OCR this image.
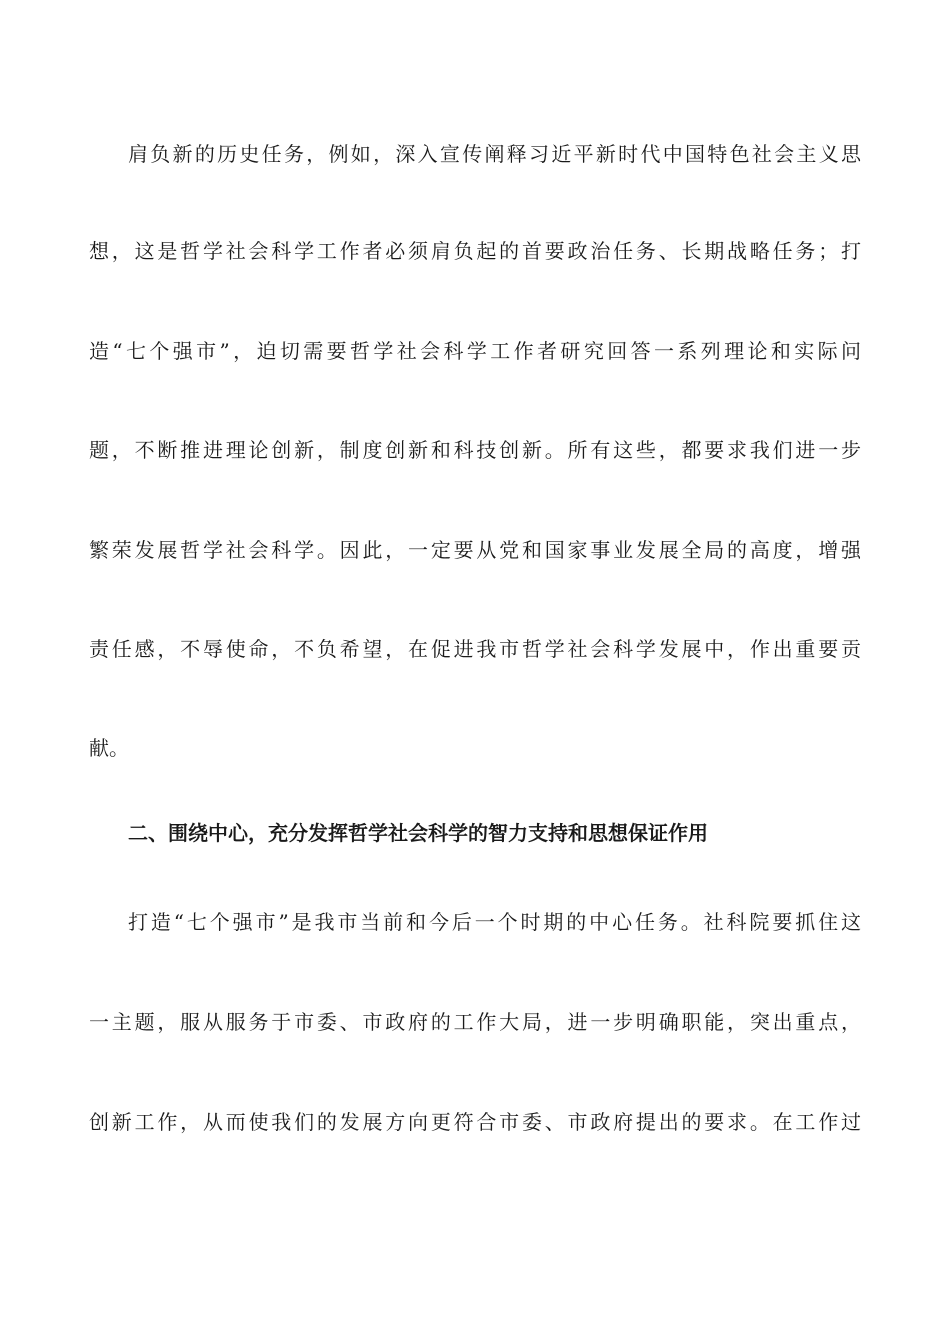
肩负新的历史任务，例如，深入宣传阐释习近平新时代中国特色社会主义思
想，这是哲学社会科学工作者必须肩负起的首要政治任务、长期战略任务；打
造“七个强市”，迫切需要哲学社会科学工作者研究回答一系列理论和实际问
题，不断推进理论创新，制度创新和科技创新。所有这些，都要求我们进一步
繁荣发展哲学社会科学。因此，一定要从党和国家事业发展全局的高度，增强
责任感，不辱使命，不负希望，在促进我市哲学社会科学发展中，作出重要贡
献。
二、围绕中心，充分发挥哲学社会科学的智力支持和思想保证作用
打造“七个强市”是我市当前和今后一个时期的中心任务。社科院要抓住这
一主题，服从服务于市委、市政府的工作大局，进一步明确职能，突出重点，
创新工作，从而使我们的发展方向更符合市委、市政府提出的要求。在工作过
